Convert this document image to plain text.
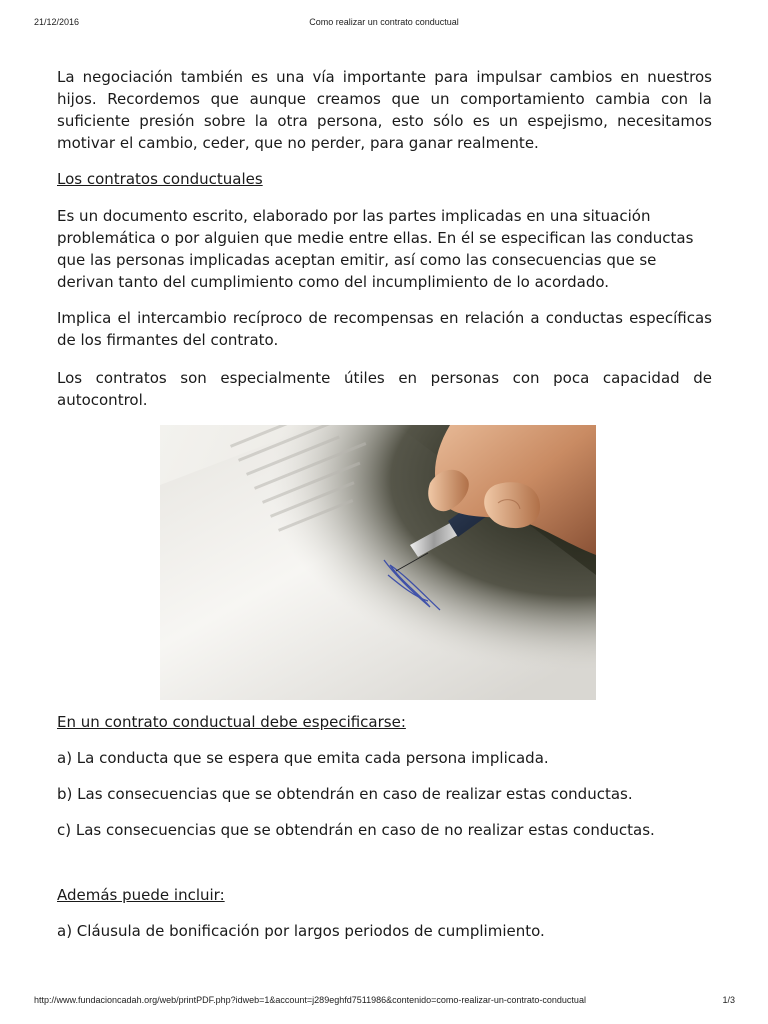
21/12/2016	Como realizar un contrato conductual

La negociación también es una vía importante para impulsar cambios en nuestros hijos. Recordemos que aunque creamos que un comportamiento cambia con la suficiente presión sobre la otra persona, esto sólo es un espejismo, necesitamos motivar el cambio, ceder, que no perder, para ganar realmente.

Los contratos conductuales

Es un documento escrito, elaborado por las partes implicadas en una situación problemática o por alguien que medie entre ellas. En él se especifican las conductas que las personas implicadas aceptan emitir, así como las consecuencias que se derivan tanto del cumplimiento como del incumplimiento de lo acordado.

Implica el intercambio recíproco de recompensas en relación a conductas específicas de los firmantes del contrato.

Los contratos son especialmente útiles en personas con poca capacidad de autocontrol.

En un contrato conductual debe especificarse:

a) La conducta que se espera que emita cada persona implicada.

b) Las consecuencias que se obtendrán en caso de realizar estas conductas.

c) Las consecuencias que se obtendrán en caso de no realizar estas conductas.

Además puede incluir:

a) Cláusula de bonificación por largos periodos de cumplimiento.

http://www.fundacioncadah.org/web/printPDF.php?idweb=1&account=j289eghfd7511986&contenido=como-realizar-un-contrato-conductual	1/3
